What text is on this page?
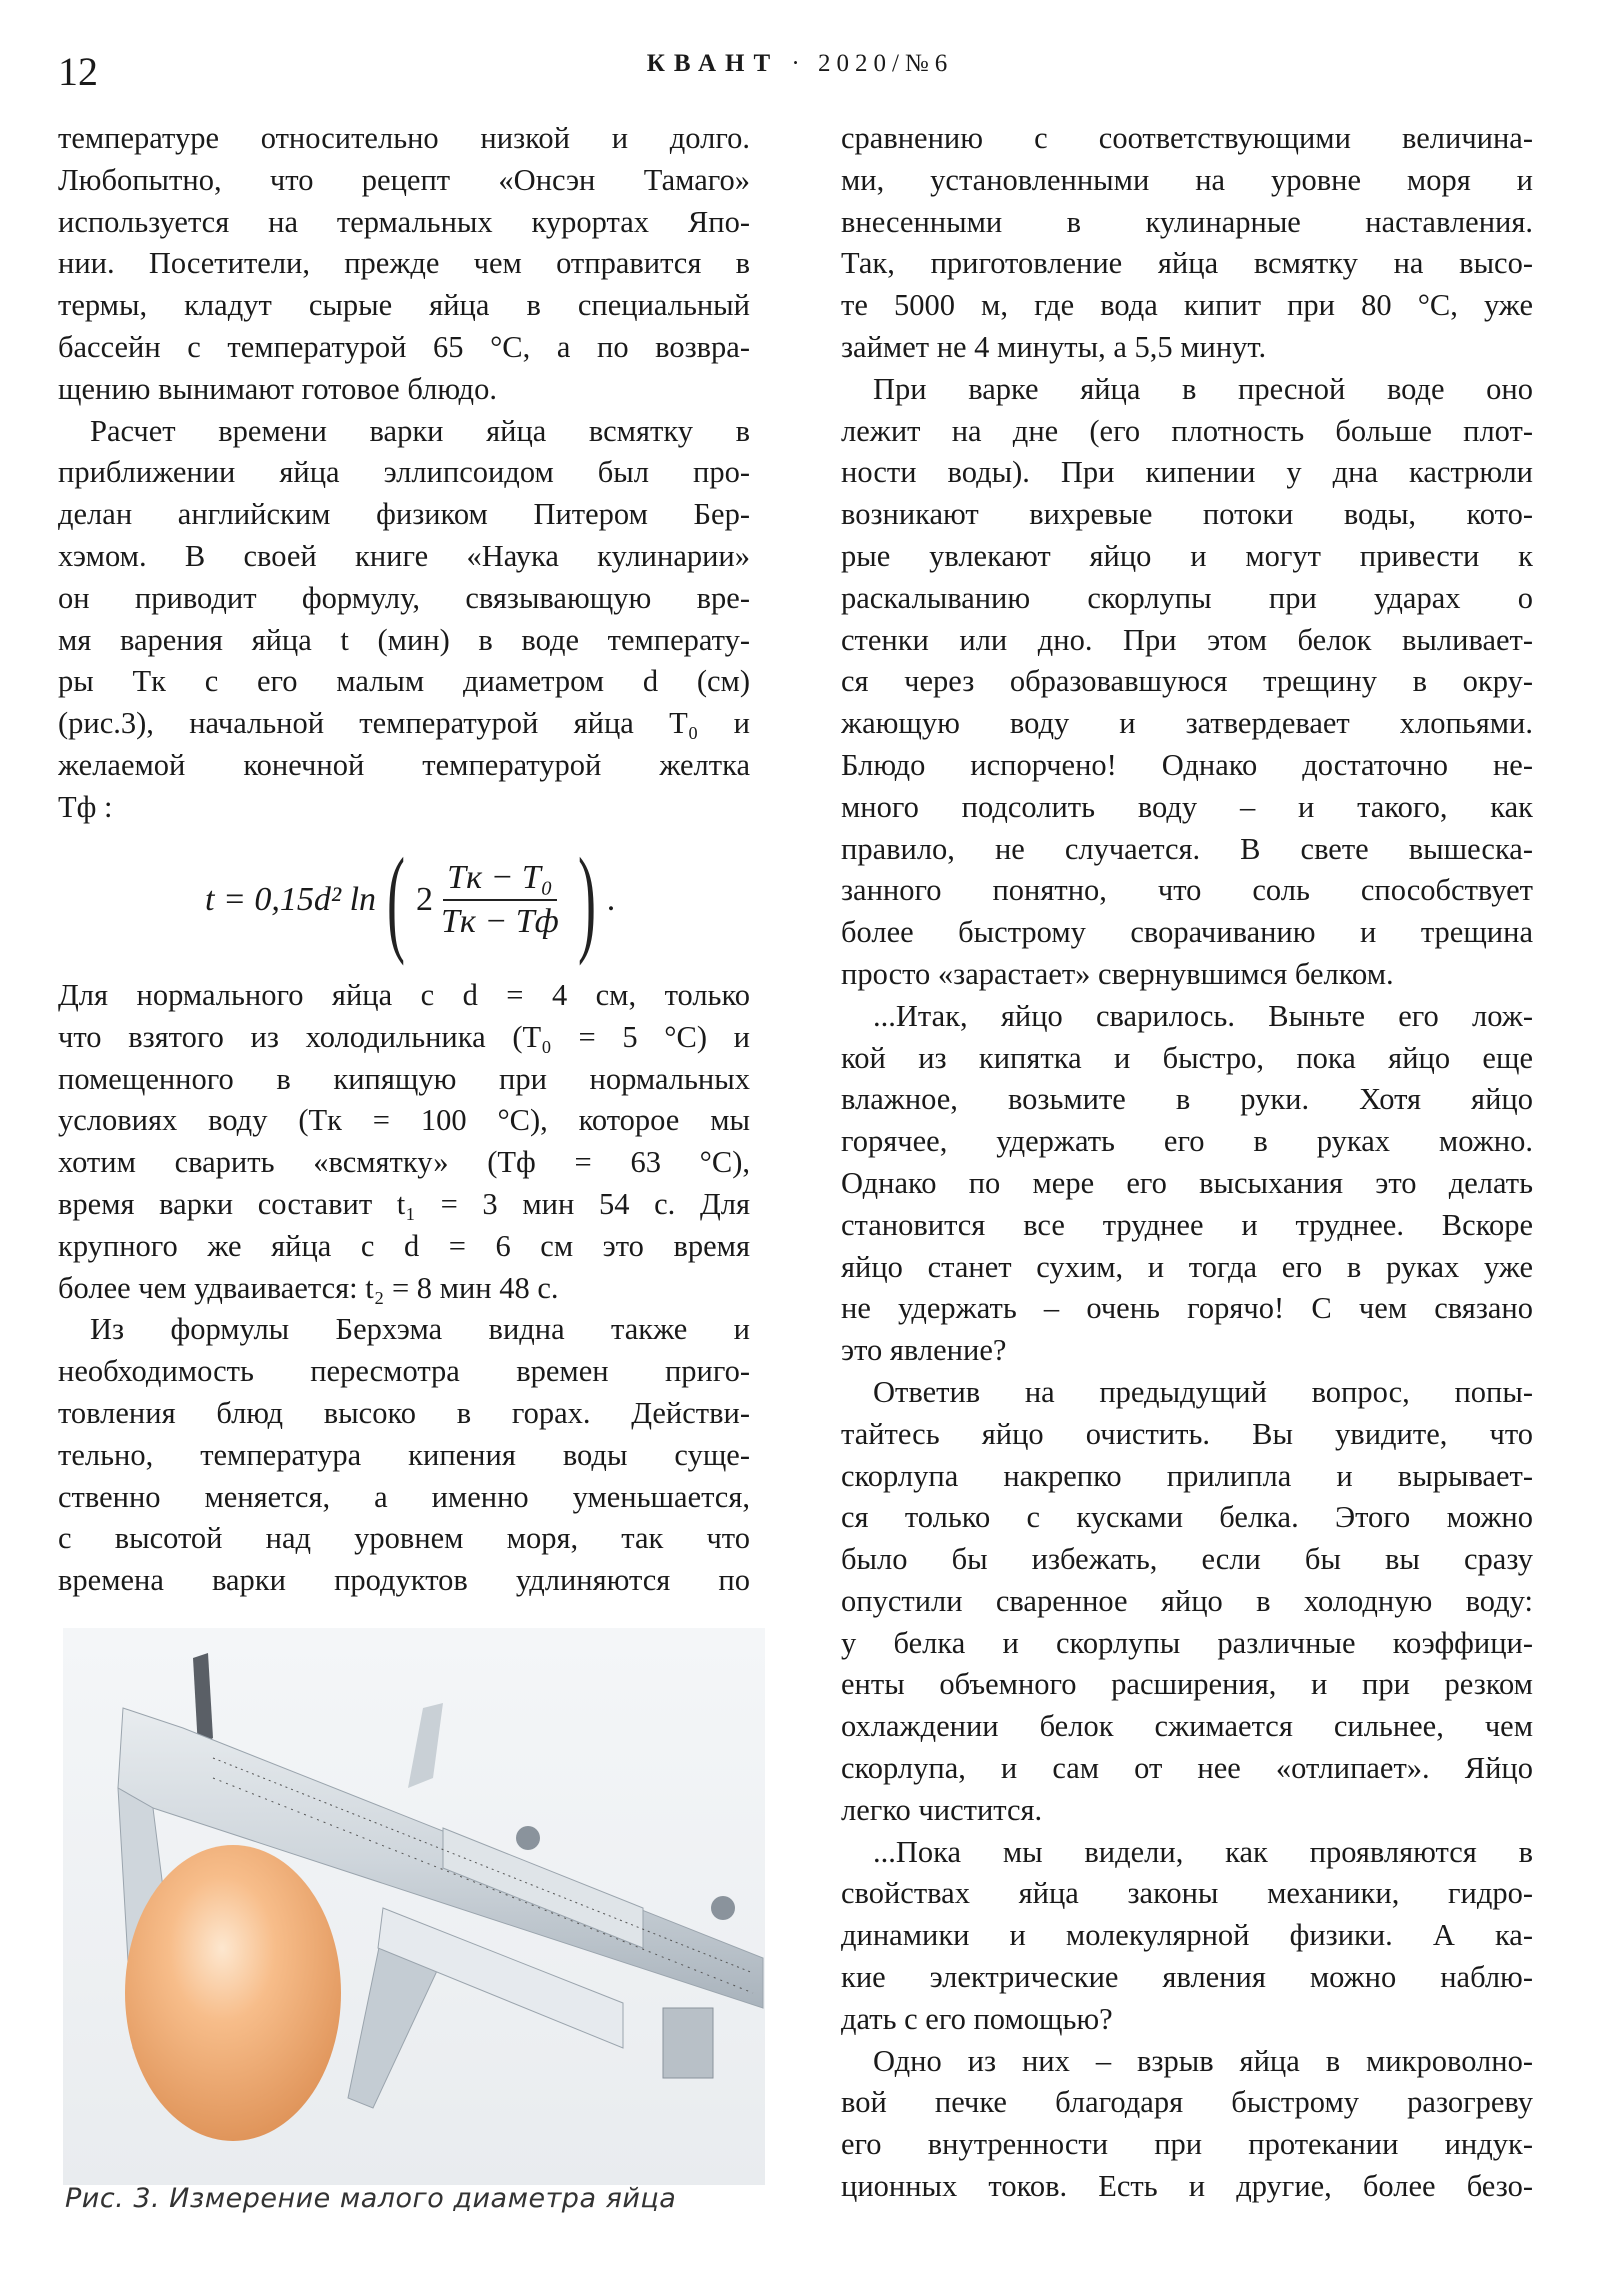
12	КВАНТ · 2020/№6
температуре относительно низкой и долго.
Любопытно, что рецепт «Онсэн Тамаго»
используется на термальных курортах Япо-
нии. Посетители, прежде чем отправится в
термы, кладут сырые яйца в специальный
бассейн с температурой 65 °С, а по возвра-
щению вынимают готовое блюдо.
Расчет времени варки яйца всмятку в
приближении яйца эллипсоидом был про-
делан английским физиком Питером Бер-
хэмом. В своей книге «Наука кулинарии»
он приводит формулу, связывающую вре-
мя варения яйца t (мин) в воде температу-
ры Tк с его малым диаметром d (см)
(рис.3), начальной температурой яйца T₀ и
желаемой конечной температурой желтка
Tф :
t = 0,15d² ln ( $2 \frac{\text{Tк − T₀}}{Tк - Tф}$ ) .
Для нормального яйца с d = 4 см, только
что взятого из холодильника (T₀ = 5 °C) и
помещенного в кипящую при нормальных
условиях воду (Tк = 100 °C), которое мы
хотим сварить «всмятку» (Tф = 63 °C),
время варки составит t₁ = 3 мин 54 с. Для
крупного же яйца с d = 6 см это время
более чем удваивается: t₂ = 8 мин 48 с.
Из формулы Берхэма видна также и
необходимость пересмотра времен приго-
товления блюд высоко в горах. Действи-
тельно, температура кипения воды суще-
ственно меняется, а именно уменьшается,
с высотой над уровнем моря, так что
времена варки продуктов удлиняются по
Рис. 3. Измерение малого диаметра яйца
сравнению с соответствующими величина-
ми, установленными на уровне моря и
внесенными в кулинарные наставления.
Так, приготовление яйца всмятку на высо-
те 5000 м, где вода кипит при 80 °С, уже
займет не 4 минуты, а 5,5 минут.
При варке яйца в пресной воде оно
лежит на дне (его плотность больше плот-
ности воды). При кипении у дна кастрюли
возникают вихревые потоки воды, кото-
рые увлекают яйцо и могут привести к
раскалыванию скорлупы при ударах о
стенки или дно. При этом белок выливает-
ся через образовавшуюся трещину в окру-
жающую воду и затвердевает хлопьями.
Блюдо испорчено! Однако достаточно не-
много подсолить воду – и такого, как
правило, не случается. В свете вышеска-
занного понятно, что соль способствует
более быстрому сворачиванию и трещина
просто «зарастает» свернувшимся белком.
...Итак, яйцо сварилось. Выньте его лож-
кой из кипятка и быстро, пока яйцо еще
влажное, возьмите в руки. Хотя яйцо
горячее, удержать его в руках можно.
Однако по мере его высыхания это делать
становится все труднее и труднее. Вскоре
яйцо станет сухим, и тогда его в руках уже
не удержать – очень горячо! С чем связано
это явление?
Ответив на предыдущий вопрос, попы-
тайтесь яйцо очистить. Вы увидите, что
скорлупа накрепко прилипла и вырывает-
ся только с кусками белка. Этого можно
было бы избежать, если бы вы сразу
опустили сваренное яйцо в холодную воду:
у белка и скорлупы различные коэффици-
енты объемного расширения, и при резком
охлаждении белок сжимается сильнее, чем
скорлупа, и сам от нее «отлипает». Яйцо
легко чистится.
...Пока мы видели, как проявляются в
свойствах яйца законы механики, гидро-
динамики и молекулярной физики. А ка-
кие электрические явления можно наблю-
дать с его помощью?
Одно из них – взрыв яйца в микроволно-
вой печке благодаря быстрому разогреву
его внутренности при протекании индук-
ционных токов. Есть и другие, более безо-
